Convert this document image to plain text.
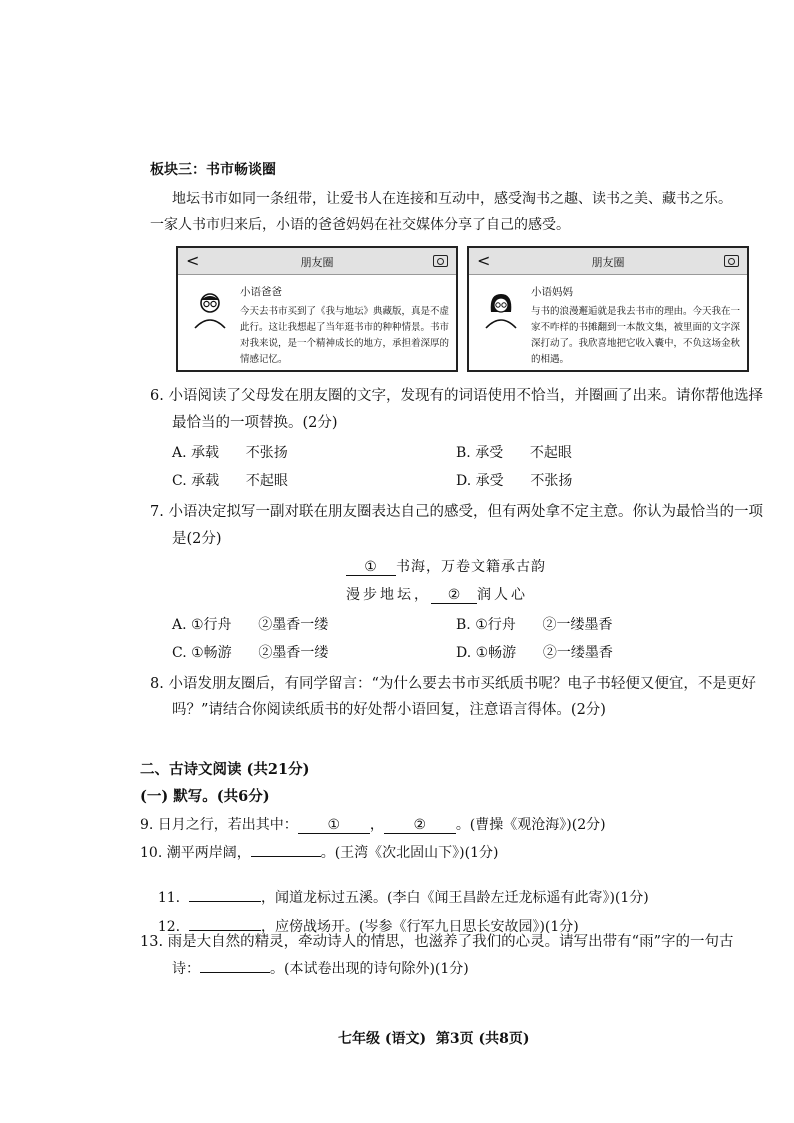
板块三：书市畅谈圈
地坛书市如同一条纽带，让爱书人在连接和互动中，感受淘书之趣、读书之美、藏书之乐。
一家人书市归来后，小语的爸爸妈妈在社交媒体分享了自己的感受。
<	朋友圈
小语爸爸
今天去书市买到了《我与地坛》典藏版，真是不虚此行。这让我想起了当年逛书市的种种情景。书市对我来说，是一个精神成长的地方，承担着深厚的情感记忆。
<	朋友圈
小语妈妈
与书的浪漫邂逅就是我去书市的理由。今天我在一家不咋样的书摊翻到一本散文集，被里面的文字深深打动了。我欣喜地把它收入囊中，不负这场金秋的相遇。
6. 小语阅读了父母发在朋友圈的文字，发现有的词语使用不恰当，并圈画了出来。请你帮他选择
最恰当的一项替换。(2分)
A. 承载      不张扬	B. 承受      不起眼
C. 承载      不起眼	D. 承受      不张扬
7. 小语决定拟写一副对联在朋友圈表达自己的感受，但有两处拿不定主意。你认为最恰当的一项
是(2分)
① 书海，万卷文籍承古韵
漫步地坛， ② 润人心
A. ①行舟      ②墨香一缕	B. ①行舟      ②一缕墨香
C. ①畅游      ②墨香一缕	D. ①畅游      ②一缕墨香
8. 小语发朋友圈后，有同学留言：“为什么要去书市买纸质书呢？电子书轻便又便宜，不是更好
吗？”请结合你阅读纸质书的好处帮小语回复，注意语言得体。(2分)
二、古诗文阅读 (共21分)
(一) 默写。(共6分)
9. 日月之行，若出其中： ① ， ② 。(曹操《观沧海》)(2分)
10. 潮平两岸阔，	。(王湾《次北固山下》)(1分)

11.	，闻道龙标过五溪。(李白《闻王昌龄左迁龙标遥有此寄》)(1分)

12.	，应傍战场开。(岑参《行军九日思长安故园》)(1分)

13. 雨是大自然的精灵，牵动诗人的情思，也滋养了我们的心灵。请写出带有“雨”字的一句古
诗：	。(本试卷出现的诗句除外)(1分)
七年级 (语文)  第3页 (共8页)
